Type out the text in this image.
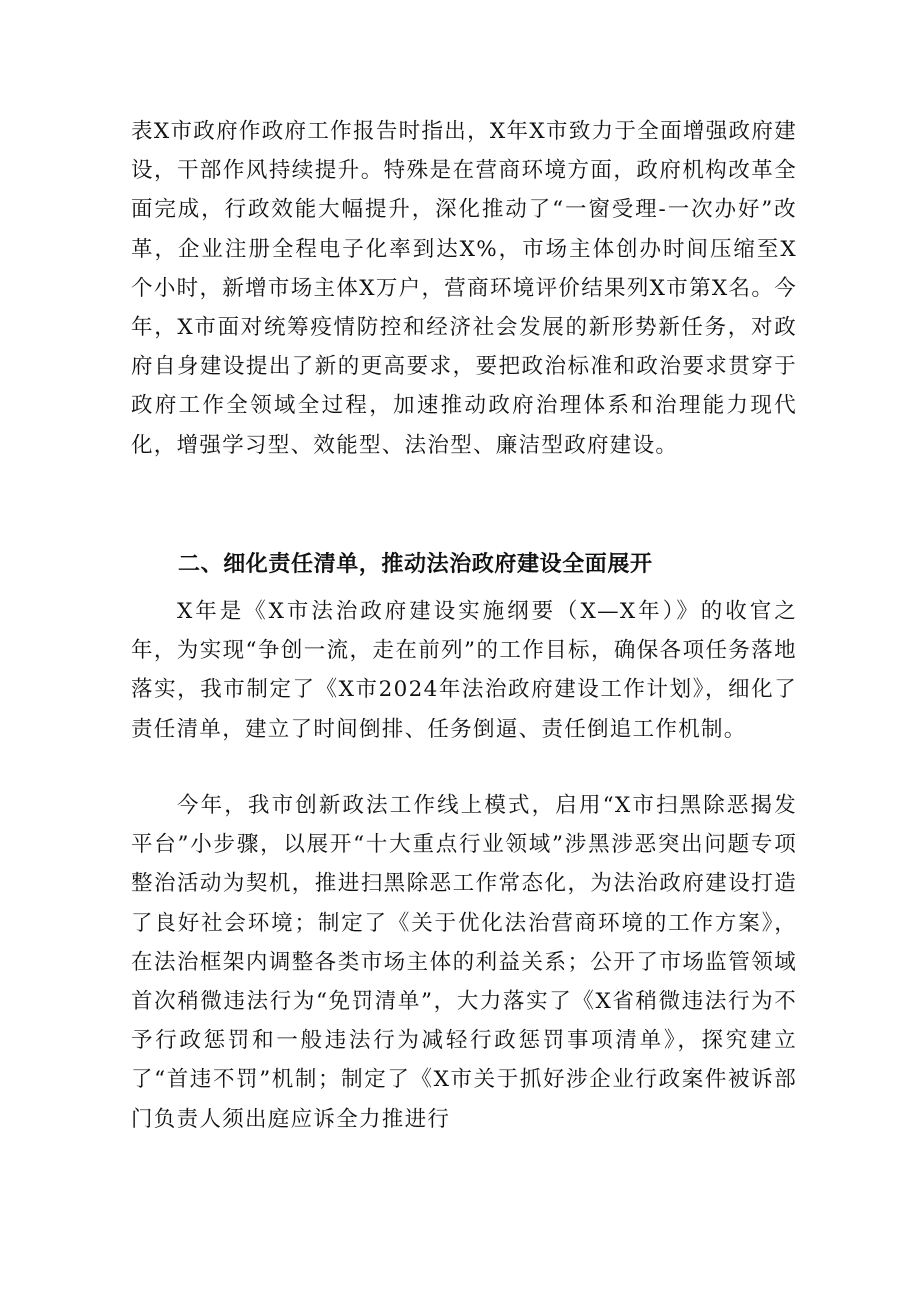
表X市政府作政府工作报告时指出，X年X市致力于全面增强政府建设，干部作风持续提升。特殊是在营商环境方面，政府机构改革全面完成，行政效能大幅提升，深化推动了“一窗受理-一次办好”改革，企业注册全程电子化率到达X%，市场主体创办时间压缩至X个小时，新增市场主体X万户，营商环境评价结果列X市第X名。今年，X市面对统筹疫情防控和经济社会发展的新形势新任务，对政府自身建设提出了新的更高要求，要把政治标准和政治要求贯穿于政府工作全领域全过程，加速推动政府治理体系和治理能力现代化，增强学习型、效能型、法治型、廉洁型政府建设。

二、细化责任清单，推动法治政府建设全面展开

X年是《X市法治政府建设实施纲要（X—X年）》的收官之年，为实现“争创一流，走在前列”的工作目标，确保各项任务落地落实，我市制定了《X市2024年法治政府建设工作计划》，细化了责任清单，建立了时间倒排、任务倒逼、责任倒追工作机制。

今年，我市创新政法工作线上模式，启用“X市扫黑除恶揭发平台”小步骤，以展开“十大重点行业领域”涉黑涉恶突出问题专项整治活动为契机，推进扫黑除恶工作常态化，为法治政府建设打造了良好社会环境；制定了《关于优化法治营商环境的工作方案》，在法治框架内调整各类市场主体的利益关系；公开了市场监管领域首次稍微违法行为“免罚清单”，大力落实了《X省稍微违法行为不予行政惩罚和一般违法行为减轻行政惩罚事项清单》，探究建立了“首违不罚”机制；制定了《X市关于抓好涉企业行政案件被诉部门负责人须出庭应诉全力推进行
